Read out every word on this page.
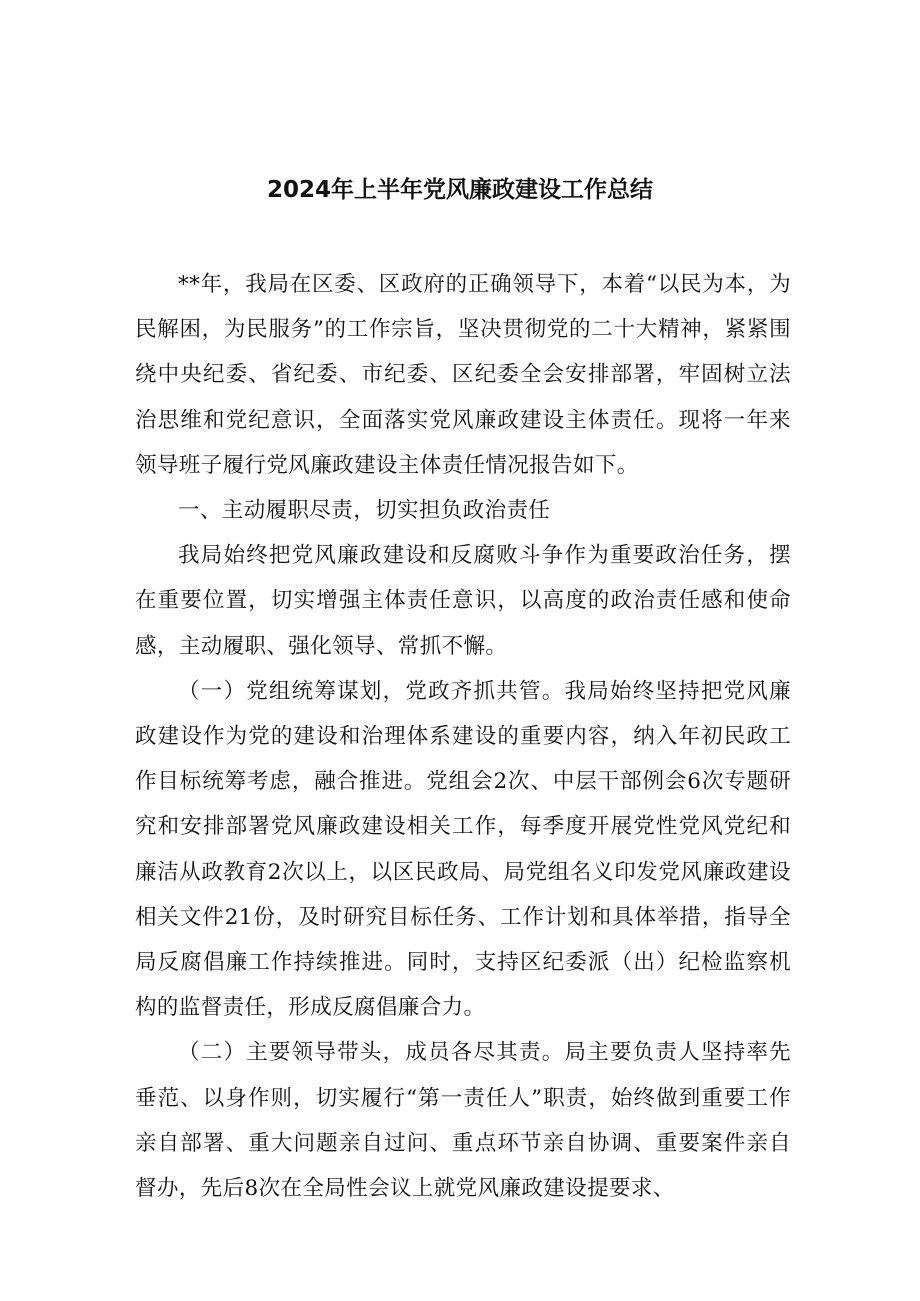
2024年上半年党风廉政建设工作总结

**年，我局在区委、区政府的正确领导下，本着“以民为本，为民解困，为民服务”的工作宗旨，坚决贯彻党的二十大精神，紧紧围绕中央纪委、省纪委、市纪委、区纪委全会安排部署，牢固树立法治思维和党纪意识，全面落实党风廉政建设主体责任。现将一年来领导班子履行党风廉政建设主体责任情况报告如下。

一、主动履职尽责，切实担负政治责任

我局始终把党风廉政建设和反腐败斗争作为重要政治任务，摆在重要位置，切实增强主体责任意识，以高度的政治责任感和使命感，主动履职、强化领导、常抓不懈。

（一）党组统筹谋划，党政齐抓共管。我局始终坚持把党风廉政建设作为党的建设和治理体系建设的重要内容，纳入年初民政工作目标统筹考虑，融合推进。党组会2次、中层干部例会6次专题研究和安排部署党风廉政建设相关工作，每季度开展党性党风党纪和廉洁从政教育2次以上，以区民政局、局党组名义印发党风廉政建设相关文件21份，及时研究目标任务、工作计划和具体举措，指导全局反腐倡廉工作持续推进。同时，支持区纪委派（出）纪检监察机构的监督责任，形成反腐倡廉合力。

（二）主要领导带头，成员各尽其责。局主要负责人坚持率先垂范、以身作则，切实履行“第一责任人”职责，始终做到重要工作亲自部署、重大问题亲自过问、重点环节亲自协调、重要案件亲自督办，先后8次在全局性会议上就党风廉政建设提要求、
